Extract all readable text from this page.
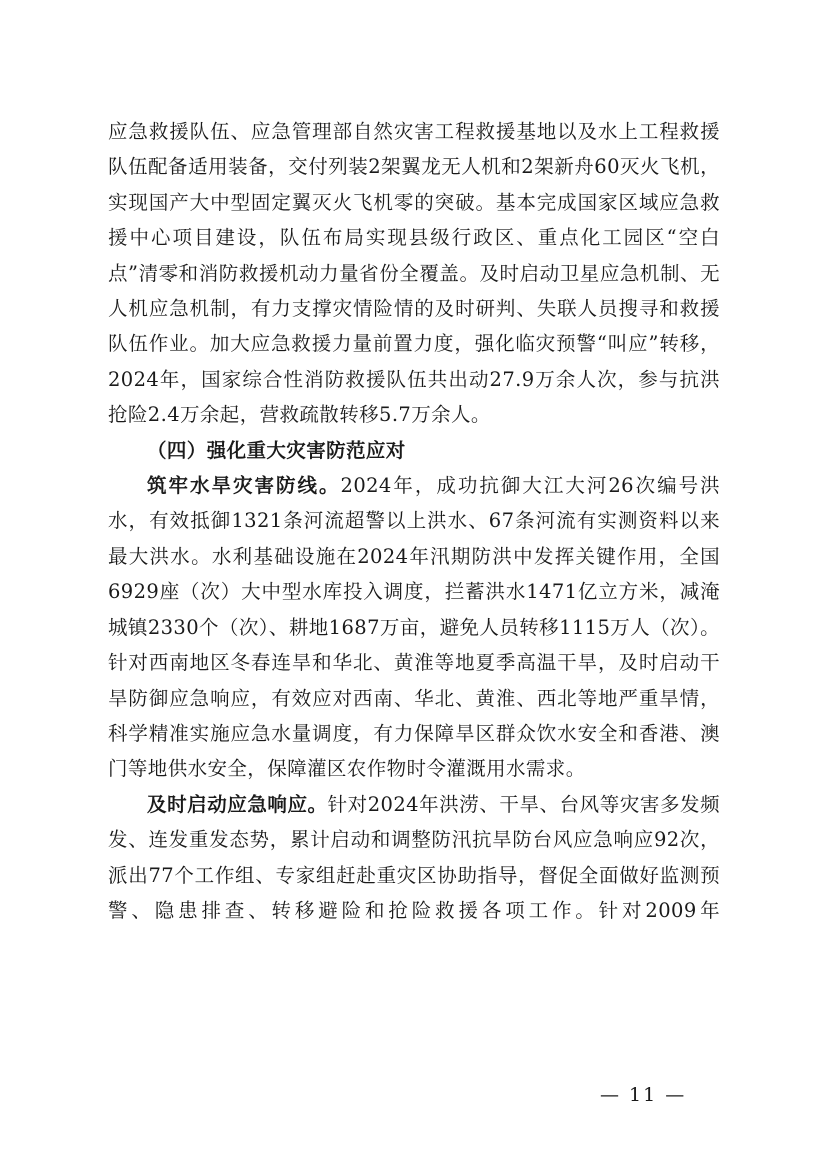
应急救援队伍、应急管理部自然灾害工程救援基地以及水上工程救援队伍配备适用装备，交付列装2架翼龙无人机和2架新舟60灭火飞机，实现国产大中型固定翼灭火飞机零的突破。基本完成国家区域应急救援中心项目建设，队伍布局实现县级行政区、重点化工园区“空白点”清零和消防救援机动力量省份全覆盖。及时启动卫星应急机制、无人机应急机制，有力支撑灾情险情的及时研判、失联人员搜寻和救援队伍作业。加大应急救援力量前置力度，强化临灾预警“叫应”转移，2024年，国家综合性消防救援队伍共出动27.9万余人次，参与抗洪抢险2.4万余起，营救疏散转移5.7万余人。

（四）强化重大灾害防范应对

筑牢水旱灾害防线。2024年，成功抗御大江大河26次编号洪水，有效抵御1321条河流超警以上洪水、67条河流有实测资料以来最大洪水。水利基础设施在2024年汛期防洪中发挥关键作用，全国6929座（次）大中型水库投入调度，拦蓄洪水1471亿立方米，减淹城镇2330个（次）、耕地1687万亩，避免人员转移1115万人（次）。针对西南地区冬春连旱和华北、黄淮等地夏季高温干旱，及时启动干旱防御应急响应，有效应对西南、华北、黄淮、西北等地严重旱情，科学精准实施应急水量调度，有力保障旱区群众饮水安全和香港、澳门等地供水安全，保障灌区农作物时令灌溉用水需求。

及时启动应急响应。针对2024年洪涝、干旱、台风等灾害多发频发、连发重发态势，累计启动和调整防汛抗旱防台风应急响应92次，派出77个工作组、专家组赶赴重灾区协助指导，督促全面做好监测预警、隐患排查、转移避险和抢险救援各项工作。针对2009年

— 11 —
